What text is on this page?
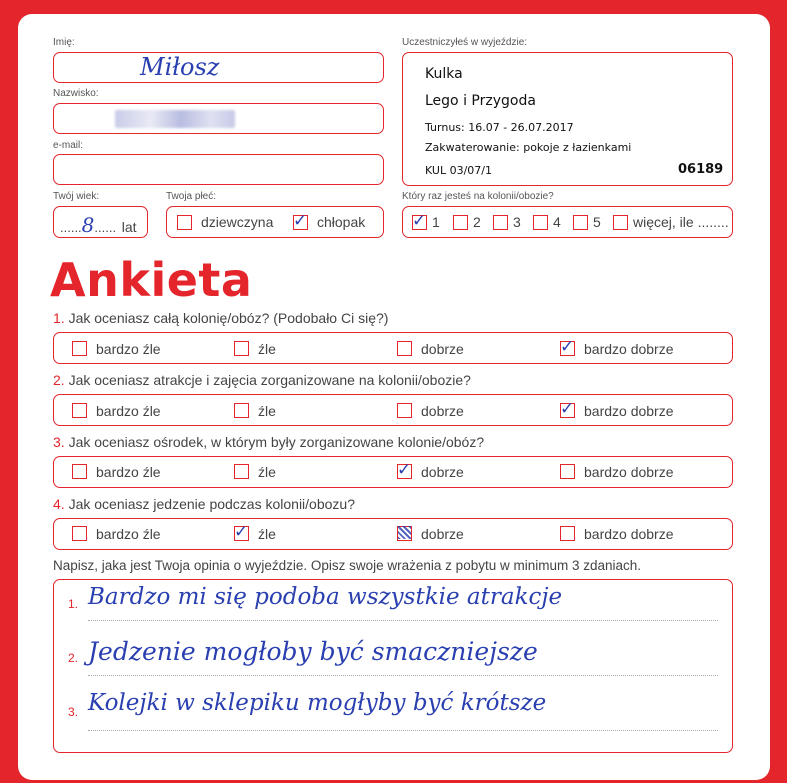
Imię:
Miłosz
Nazwisko:
e-mail:
Twój wiek:
......8...... lat
Twoja płeć:
dziewczyna ✓ chłopak
Uczestniczyłeś w wyjeździe:
Kulka
Lego i Przygoda
Turnus: 16.07 - 26.07.2017
Zakwaterowanie: pokoje z łazienkami
KUL 03/07/1	06189
Który raz jesteś na kolonii/obozie?
✓ 1 2 3 4 5 więcej, ile ........
Ankieta
1. Jak oceniasz całą kolonię/obóz? (Podobało Ci się?)
bardzo źle	źle	dobrze	✓ bardzo dobrze
2. Jak oceniasz atrakcje i zajęcia zorganizowane na kolonii/obozie?
bardzo źle	źle	dobrze	✓ bardzo dobrze
3. Jak oceniasz ośrodek, w którym były zorganizowane kolonie/obóz?
bardzo źle	źle	✓ dobrze	bardzo dobrze
4. Jak oceniasz jedzenie podczas kolonii/obozu?
bardzo źle	✓ źle	dobrze	bardzo dobrze
Napisz, jaka jest Twoja opinia o wyjeździe. Opisz swoje wrażenia z pobytu w minimum 3 zdaniach.
1. Bardzo mi się podoba wszystkie atrakcje
2. Jedzenie mogłoby być smaczniejsze
3. Kolejki w sklepiku mogłyby być krótsze
